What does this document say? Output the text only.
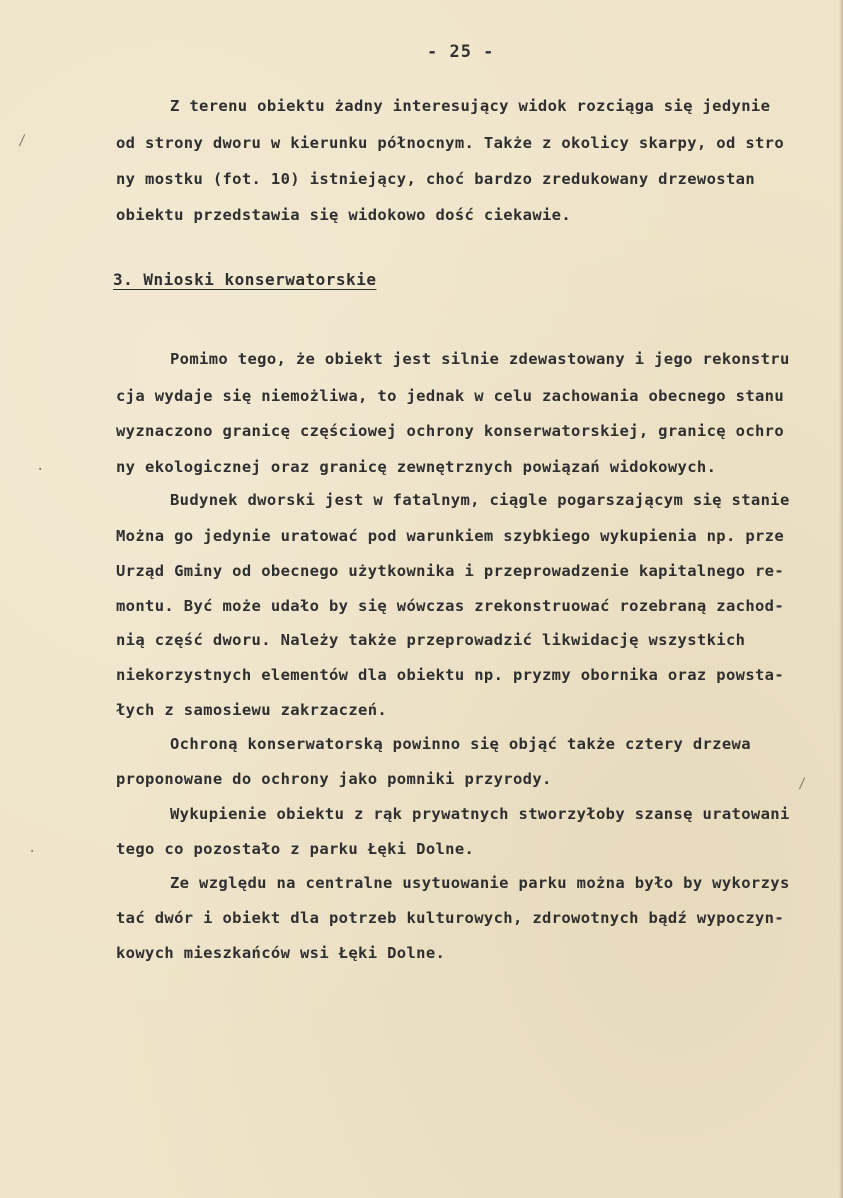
- 25 -
Z terenu obiektu żadny interesujący widok rozciąga się jedynie
od strony dworu w kierunku północnym. Także z okolicy skarpy, od stro
ny mostku (fot. 10) istniejący, choć bardzo zredukowany drzewostan
obiektu przedstawia się widokowo dość ciekawie.
3. Wnioski konserwatorskie
Pomimo tego, że obiekt jest silnie zdewastowany i jego rekonstru
cja wydaje się niemożliwa, to jednak w celu zachowania obecnego stanu
wyznaczono granicę częściowej ochrony konserwatorskiej, granicę ochro
ny ekologicznej oraz granicę zewnętrznych powiązań widokowych.
Budynek dworski jest w fatalnym, ciągle pogarszającym się stanie
Można go jedynie uratować pod warunkiem szybkiego wykupienia np. prze
Urząd Gminy od obecnego użytkownika i przeprowadzenie kapitalnego re-
montu. Być może udało by się wówczas zrekonstruować rozebraną zachod-
nią część dworu. Należy także przeprowadzić likwidację wszystkich
niekorzystnych elementów dla obiektu np. pryzmy obornika oraz powsta-
łych z samosiewu zakrzaczeń.
Ochroną konserwatorską powinno się objąć także cztery drzewa
proponowane do ochrony jako pomniki przyrody.
Wykupienie obiektu z rąk prywatnych stworzyłoby szansę uratowani
tego co pozostało z parku Łęki Dolne.
Ze względu na centralne usytuowanie parku można było by wykorzys
tać dwór i obiekt dla potrzeb kulturowych, zdrowotnych bądź wypoczyn-
kowych mieszkańców wsi Łęki Dolne.
/
·
·
/
